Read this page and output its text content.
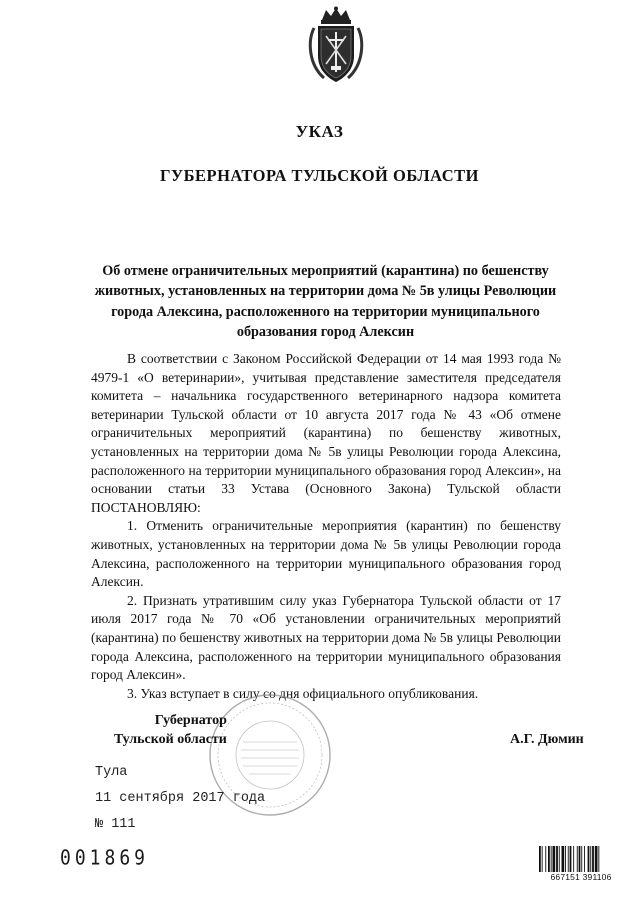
УКАЗ
ГУБЕРНАТОРА ТУЛЬСКОЙ ОБЛАСТИ
Об отмене ограничительных мероприятий (карантина) по бешенству животных, установленных на территории дома № 5в улицы Революции города Алексина, расположенного на территории муниципального образования город Алексин

В соответствии с Законом Российской Федерации от 14 мая 1993 года № 4979-1 «О ветеринарии», учитывая представление заместителя председателя комитета – начальника государственного ветеринарного надзора комитета ветеринарии Тульской области от 10 августа 2017 года № 43 «Об отмене ограничительных мероприятий (карантина) по бешенству животных, установленных на территории дома № 5в улицы Революции города Алексина, расположенного на территории муниципального образования город Алексин», на основании статьи 33 Устава (Основного Закона) Тульской области ПОСТАНОВЛЯЮ:

1. Отменить ограничительные мероприятия (карантин) по бешенству животных, установленных на территории дома № 5в улицы Революции города Алексина, расположенного на территории муниципального образования город Алексин.

2. Признать утратившим силу указ Губернатора Тульской области от 17 июля 2017 года № 70 «Об установлении ограничительных мероприятий (карантина) по бешенству животных на территории дома № 5в улицы Революции города Алексина, расположенного на территории муниципального образования город Алексин».

3. Указ вступает в силу со дня официального опубликования.

Губернатор
Тульской области	А.Г. Дюмин
Тула
11 сентября 2017 года
№ 111
001869
667151 391106
